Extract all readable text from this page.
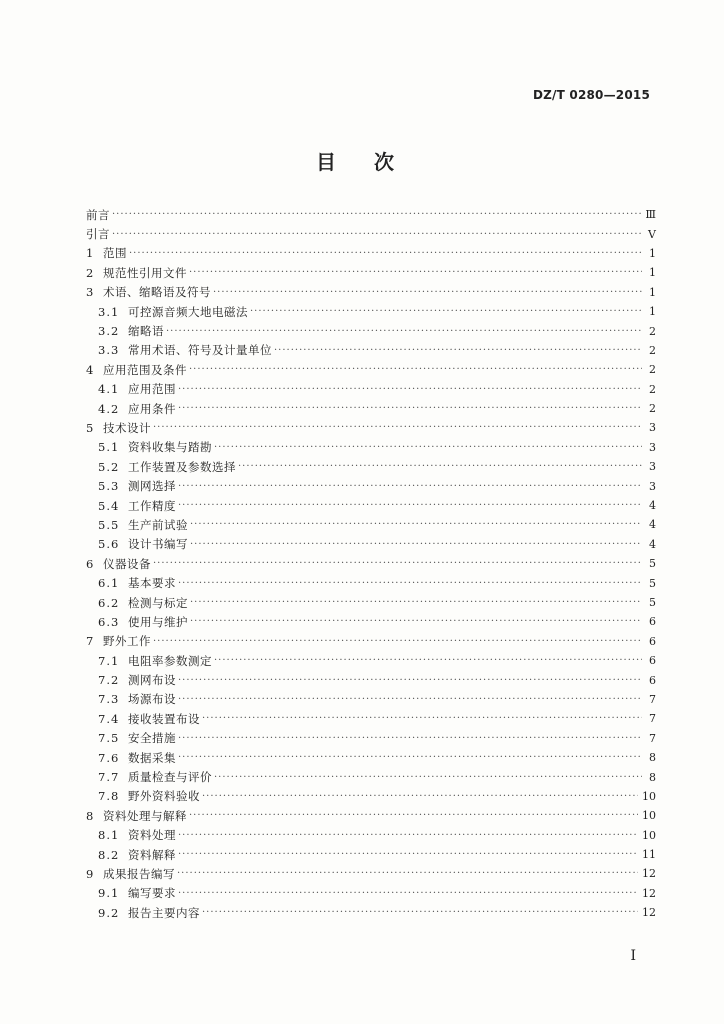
DZ/T 0280—2015
目次
前言 ·····	Ⅲ
引言 ·····	Ⅴ
1 范围 ·····	1
2 规范性引用文件 ·····	1
3 术语、缩略语及符号 ·····	1
3.1 可控源音频大地电磁法 ·····	1
3.2 缩略语 ·····	2
3.3 常用术语、符号及计量单位 ·····	2
4 应用范围及条件 ·····	2
4.1 应用范围 ·····	2
4.2 应用条件 ·····	2
5 技术设计 ·····	3
5.1 资料收集与踏勘 ·····	3
5.2 工作装置及参数选择 ·····	3
5.3 测网选择 ·····	3
5.4 工作精度 ·····	4
5.5 生产前试验 ·····	4
5.6 设计书编写 ·····	4
6 仪器设备 ·····	5
6.1 基本要求 ·····	5
6.2 检测与标定 ·····	5
6.3 使用与维护 ·····	6
7 野外工作 ·····	6
7.1 电阻率参数测定 ·····	6
7.2 测网布设 ·····	6
7.3 场源布设 ·····	7
7.4 接收装置布设 ·····	7
7.5 安全措施 ·····	7
7.6 数据采集 ·····	8
7.7 质量检查与评价 ·····	8
7.8 野外资料验收 ·····	10
8 资料处理与解释 ·····	10
8.1 资料处理 ·····	10
8.2 资料解释 ·····	11
9 成果报告编写 ·····	12
9.1 编写要求 ·····	12
9.2 报告主要内容 ·····	12
Ⅰ
